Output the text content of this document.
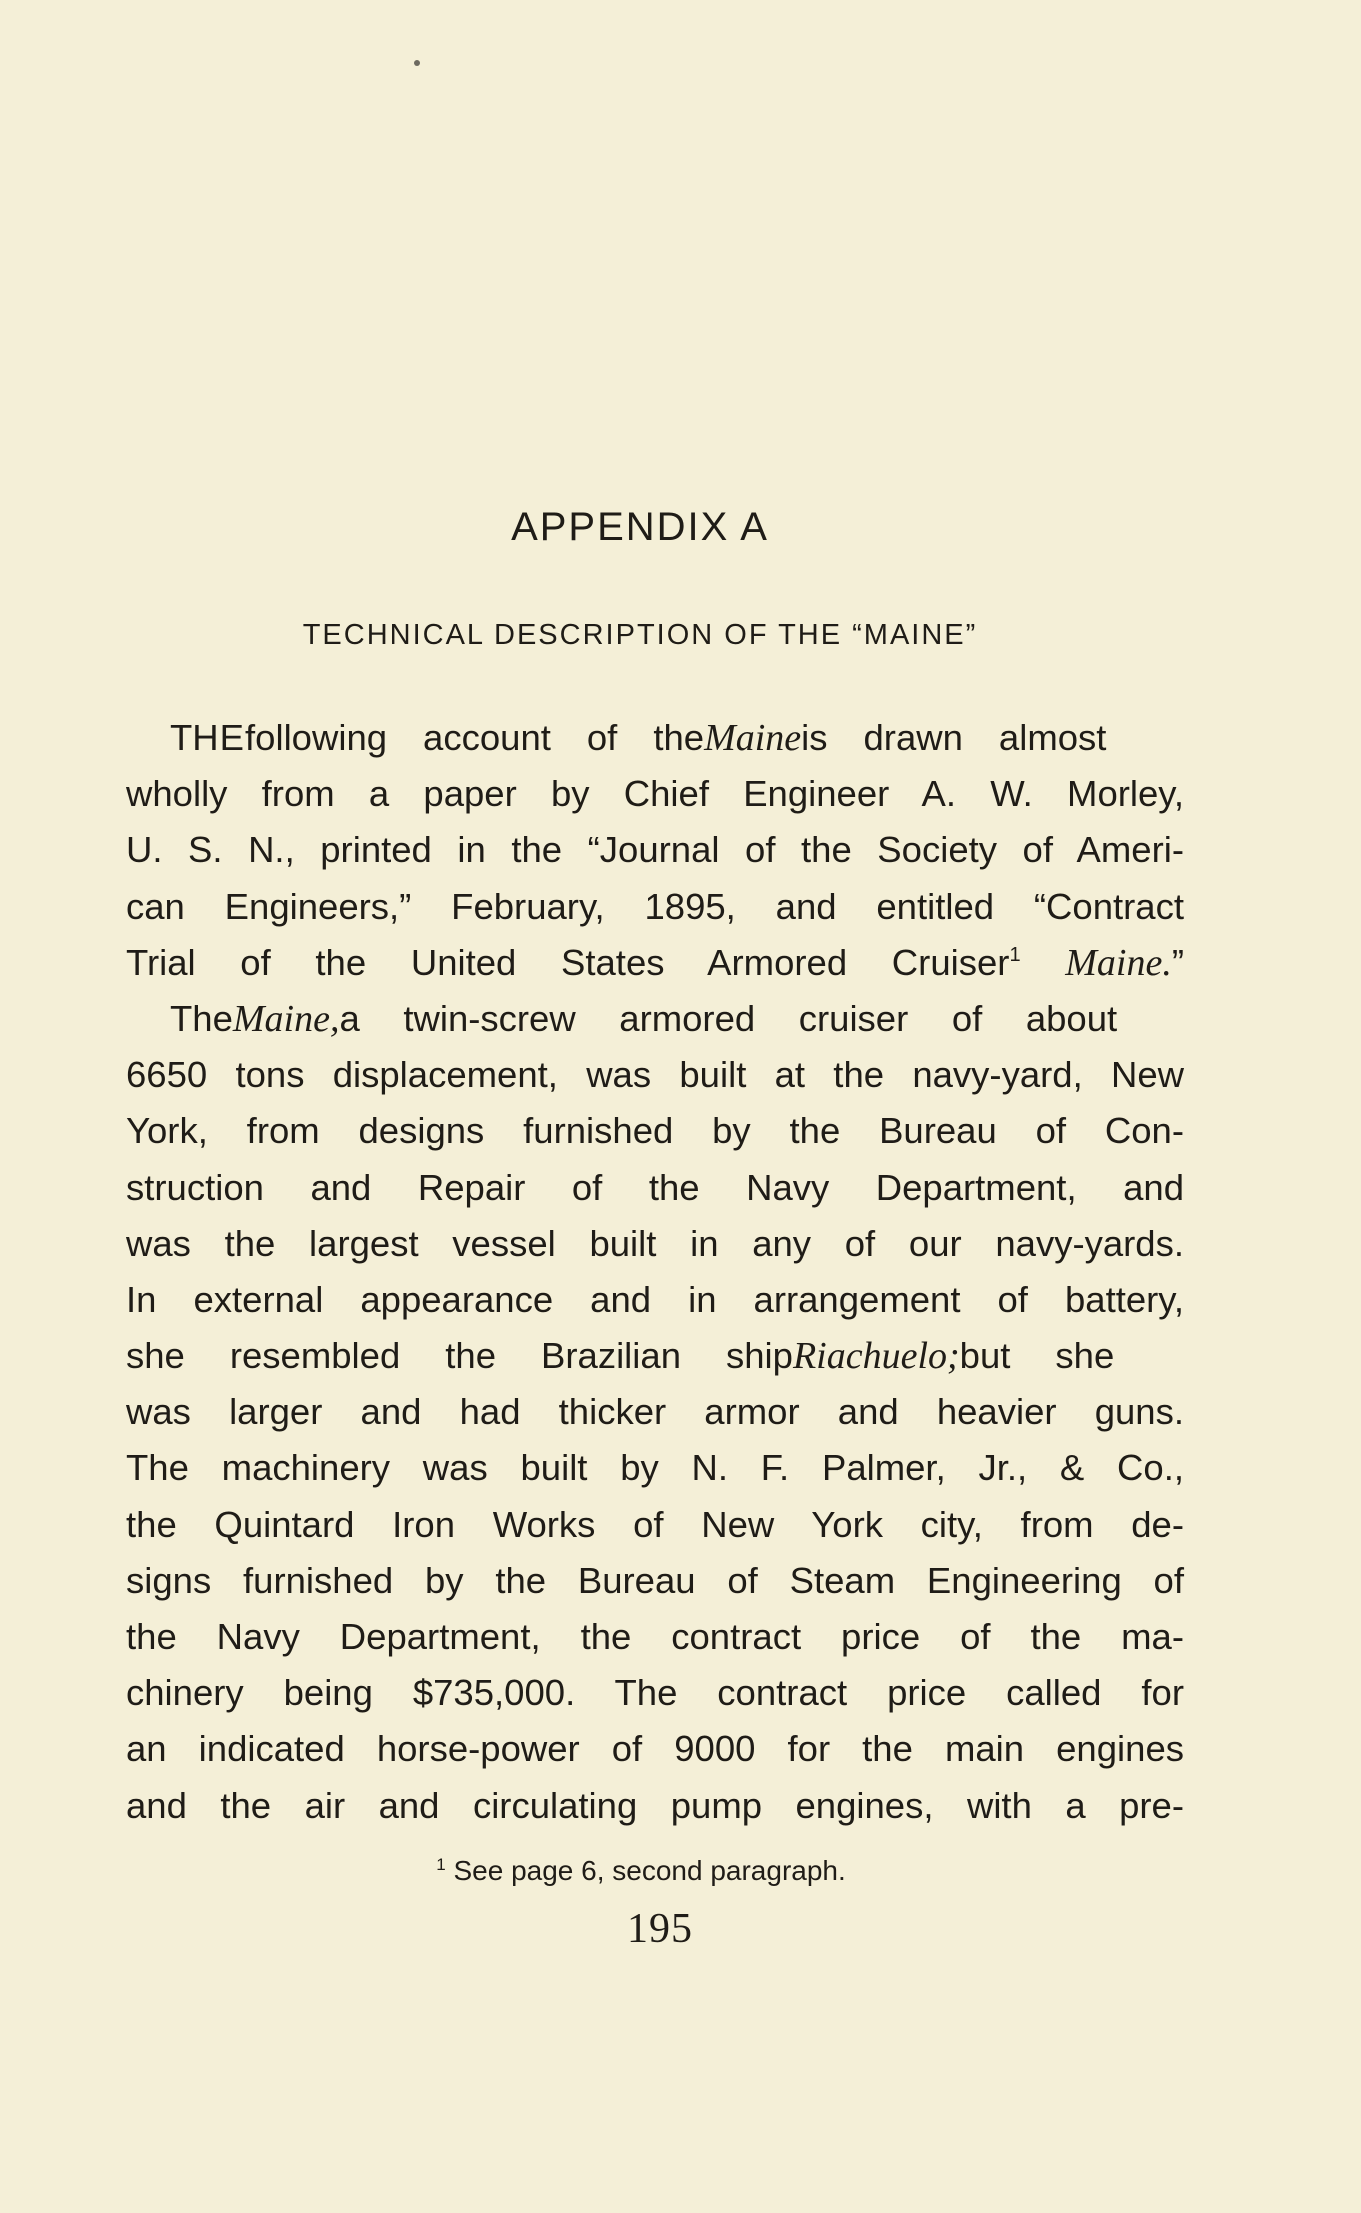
APPENDIX A
TECHNICAL DESCRIPTION OF THE “MAINE”
THEfollowing account of theMaineis drawn almost
wholly from a paper by Chief Engineer A. W. Morley,
U. S. N., printed in the “Journal of the Society of Ameri-
can Engineers,” February, 1895, and entitled “Contract
Trial of the United States Armored Cruiser$^1$ Maine.”
TheMaine,a twin-screw armored cruiser of about
6650 tons displacement, was built at the navy-yard, New
York, from designs furnished by the Bureau of Con-
struction and Repair of the Navy Department, and
was the largest vessel built in any of our navy-yards.
In external appearance and in arrangement of battery,
she resembled the Brazilian shipRiachuelo;but she
was larger and had thicker armor and heavier guns.
The machinery was built by N. F. Palmer, Jr., & Co.,
the Quintard Iron Works of New York city, from de-
signs furnished by the Bureau of Steam Engineering of
the Navy Department, the contract price of the ma-
chinery being $735,000. The contract price called for
an indicated horse-power of 9000 for the main engines
and the air and circulating pump engines, with a pre-
$^1$ See page 6, second paragraph.
195
